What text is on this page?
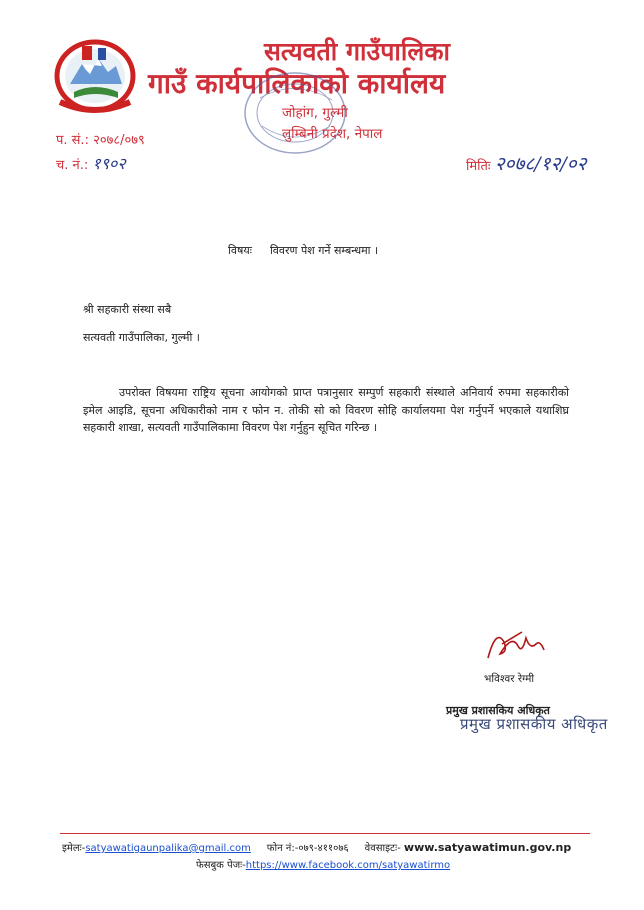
सत्यवती गाउँपालिका
गाउँ कार्यपालिकाको कार्यालय
जोहांग, गुल्मी
लुम्बिनी प्रदेश, नेपाल
प. सं.: २०७८/०७९
च. नं.: १९०२	मितिः २०७८/१२/०२
विषयः विवरण पेश गर्ने सम्बन्धमा ।
श्री सहकारी संस्था सबै
सत्यवती गाउँपालिका, गुल्मी ।
उपरोक्त विषयमा राष्ट्रिय सूचना आयोगको प्राप्त पत्रानुसार सम्पुर्ण सहकारी संस्थाले अनिवार्य रुपमा सहकारीको इमेल आइडि, सूचना अधिकारीको नाम र फोन न. तोकी सो को विवरण सोहि कार्यालयमा पेश गर्नुपर्ने भएकाले यथाशिघ्र सहकारी शाखा, सत्यवती गाउँपालिकामा विवरण पेश गर्नुहुन सूचित गरिन्छ ।
भविश्वर रेग्मी
प्रमुख प्रशासकिय अधिकृत
प्रमुख प्रशासकीय अधिकृत
इमेलः-satyawatigaunpalika@gmail.com फोन नं:-०७९-४११०७६ वेवसाइटः- www.satyawatimun.gov.np
फेसबुक पेजः-https://www.facebook.com/satyawatirmo
